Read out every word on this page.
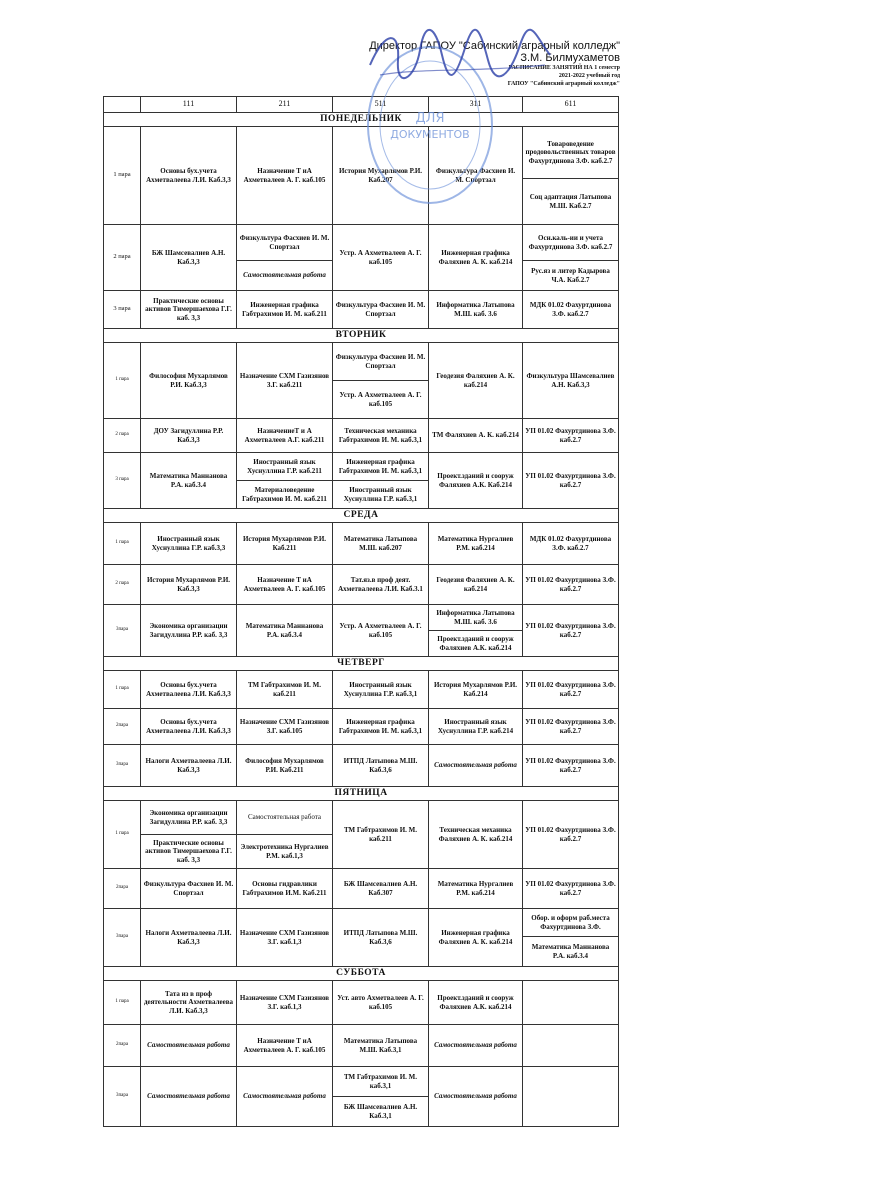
Директор ГАПОУ "Сабинский аграрный колледж"
З.М. Билмухаметов
РАСПИСАНИЕ ЗАНЯТИЙ НА 1 семестр
2021-2022 учебный год
ГАПОУ "Сабинский аграрный колледж"
	111	211	511	311	611
ПОНЕДЕЛЬНИК					
1 пара	Основы бух.учета Ахметвалеева Л.И. Каб.3,3	Назначение Т иА Ахметвалеев А. Г. каб.105	История Мухарлямов Р.И. Каб.207	Физкультура Фасхиев И. М. Спортзал	Товароведение продовольственных товаров Фахуртдинова З.Ф. каб.2.7
					Соц адаптация Латыпова М.Ш. Каб.2.7
2 пара	БЖ Шамсевалиев А.Н. Каб.3,3	Физкультура Фасхиев И. М. Спортзал	Устр. А Ахметвалеев А. Г. каб.105	Инженерная графика Фаляхиев А. К. каб.214	Осн.каль-ии и учета Фахуртдинова З.Ф. каб.2.7
		Самостоятельная работа			Рус.яз и литер Кадырова Ч.А. Каб.2.7
3 пара	Практические основы активов Тимершаехова Г.Г. каб. 3,3	Инженерная графика Габтрахимов И. М. каб.211	Физкультура Фасхиев И. М. Спортзал	Информатика Латыпова М.Ш. каб. 3.6	МДК 01.02 Фахуртдинова З.Ф. каб.2.7
ВТОРНИК					
1 пара	Философия Мухарлямов Р.И. Каб.3,3	Назначение СХМ Газизянов З.Г. каб.211	Физкультура Фасхиев И. М. Спортзал	Геодезия Фаляхиев А. К. каб.214	Физкультура Шамсевалиев А.Н. Каб.3,3
			Устр. А Ахметвалеев А. Г. каб.105		
2 пара	ДОУ Загидуллина Р.Р. Каб.3,3	НазначениеТ и А Ахметвалеев А.Г. каб.211	Техническая механика Габтрахимов И. М. каб.3,1	ТМ Фаляхиев А. К. каб.214	УП 01.02 Фахуртдинова З.Ф. каб.2.7
3 пара	Математика Маннанова Р.А. каб.3.4	Иностранный язык Хуснуллина Г.Р. каб.211	Инженерная графика Габтрахимов И. М. каб.3,1	Проект.зданий и сооруж Фаляхиев А.К. Каб.214	УП 01.02 Фахуртдинова З.Ф. каб.2.7
		Материаловедение Габтрахимов И. М. каб.211	Иностранный язык Хуснуллина Г.Р. каб.3,1		
СРЕДА					
1 пара	Иностранный язык Хуснуллина Г.Р. каб.3,3	История Мухарлямов Р.И. Каб.211	Математика Латыпова М.Ш. каб.207	Математика Нургалиев Р.М. каб.214	МДК 01.02 Фахуртдинова З.Ф. каб.2.7
2 пара	История Мухарлямов Р.И. Каб.3,3	Назначение Т иА Ахметвалеев А. Г. каб.105	Тат.яз.в проф деят. Ахметвалеева Л.И. Каб.3.1	Геодезия Фаляхиев А. К. каб.214	УП 01.02 Фахуртдинова З.Ф. каб.2.7
3пара	Экономика организации Загидуллина Р.Р. каб. 3,3	Математика Маннанова Р.А. каб.3.4	Устр. А Ахметвалеев А. Г. каб.105	Информатика Латыпова М.Ш. каб. 3.6	УП 01.02 Фахуртдинова З.Ф. каб.2.7
				Проект.зданий и сооруж Фаляхиев А.К. каб.214	
ЧЕТВЕРГ					
1 пара	Основы бух.учета Ахметвалеева Л.И. Каб.3,3	ТМ Габтрахимов И. М. каб.211	Иностранный язык Хуснуллина Г.Р. каб.3,1	История Мухарлямов Р.И. Каб.214	УП 01.02 Фахуртдинова З.Ф. каб.2.7
2пара	Основы бух.учета Ахметвалеева Л.И. Каб.3,3	Назначение СХМ Газизянов З.Г. каб.105	Инженерная графика Габтрахимов И. М. каб.3,1	Иностранный язык Хуснуллина Г.Р. каб.214	УП 01.02 Фахуртдинова З.Ф. каб.2.7
3пара	Налоги Ахметвалеева Л.И. Каб.3,3	Философия Мухарлямов Р.И. Каб.211	ИТПД Латыпова М.Ш. Каб.3,6	Самостоятельная работа	УП 01.02 Фахуртдинова З.Ф. каб.2.7
ПЯТНИЦА					
1 пара	Экономика организации Загидуллина Р.Р. каб. 3,3	Самостоятельная работа	ТМ Габтрахимов И. М. каб.211	Техническая механика Фаляхиев А. К. каб.214	УП 01.02 Фахуртдинова З.Ф. каб.2.7
	Практические основы активов Тимершаехова Г.Г. каб. 3,3	Электротехника Нургалиев Р.М. каб.1,3			
2пара	Физкультура Фасхиев И. М. Спортзал	Основы гидравлики Габтрахимов И.М. Каб.211	БЖ Шамсевалиев А.Н. Каб.307	Математика Нургалиев Р.М. каб.214	УП 01.02 Фахуртдинова З.Ф. каб.2.7
3пара	Налоги Ахметвалеева Л.И. Каб.3,3	Назначение СХМ Газизянов З.Г. каб.1,3	ИТПД Латыпова М.Ш. Каб.3,6	Инженерная графика Фаляхиев А. К. каб.214	Обор. и оформ раб.места Фахуртдинова З.Ф.
					Математика Маннанова Р.А. каб.3.4
СУББОТА					
1 пара	Тата из в проф деятельности Ахметвалеева Л.И. Каб.3,3	Назначение СХМ Газизянов З.Г. каб.1,3	Уст. авто Ахметвалеев А. Г. каб.105	Проект.зданий и сооруж Фаляхиев А.К. каб.214	
2пара	Самостоятельная работа	Назначение Т иА Ахметвалеев А. Г. каб.105	Математика Латыпова М.Ш. Каб.3,1	Самостоятельная работа	
3пара	Самостоятельная работа	Самостоятельная работа	ТМ Габтрахимов И. М. каб.3,1	Самостоятельная работа	
			БЖ Шамсевалиев А.Н. Каб.3,1		
ДЛЯ
ДОКУМЕНТОВ
